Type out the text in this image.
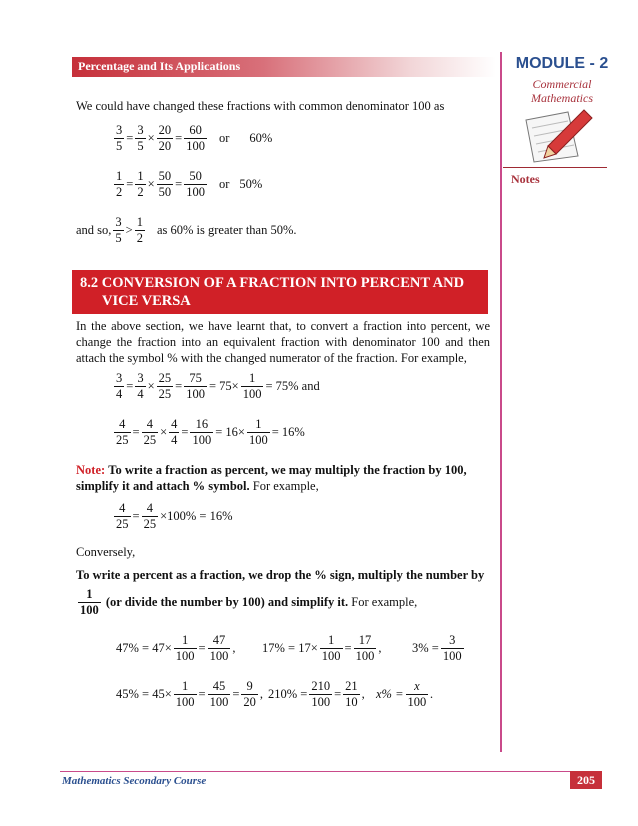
Percentage and Its Applications	MODULE - 2
Commercial
Mathematics
Notes
We could have changed these fractions with common denominator 100 as
$\frac{3}{5} = \frac{3}{5} \times \frac{20}{20} = \frac{60}{100}$ or 60%
$\frac{1}{2} = \frac{1}{2} \times \frac{50}{50} = \frac{50}{100}$ or 50%
and so, $\frac{3}{5} > \frac{1}{2}$ as 60% is greater than 50%.
8.2 CONVERSION OF A FRACTION INTO PERCENT AND
VICE VERSA
In the above section, we have learnt that, to convert a fraction into percent, we change the fraction into an equivalent fraction with denominator 100 and then attach the symbol % with the changed numerator of the fraction. For example,
$\frac{3}{4} = \frac{3}{4} \times \frac{25}{25} = \frac{75}{100} = 75 \times \frac{1}{100} = 75\%$
and
$\frac{4}{25} = \frac{4}{25} \times \frac{4}{4} = \frac{16}{100} = 16 \times \frac{1}{100} = 16\%$
Note: To write a fraction as percent, we may multiply the fraction by 100, simplify it and attach % symbol. For example,
$\frac{4}{25} = \frac{4}{25} \times 100\% = 16\%$
Conversely,
To write a percent as a fraction, we drop the % sign, multiply the number by
$\frac{1}{100}$
(or divide the number by 100) and simplify it.
For example,
$47\% = 47 \times \frac{1}{100} = \frac{47}{100}$ , $17\% = 17 \times \frac{1}{100} = \frac{17}{100}$ , $3\% = \frac{3}{100}$
$45\% = 45 \times \frac{1}{100} = \frac{45}{100} = \frac{9}{20}$ , $210\% = \frac{210}{100} = \frac{21}{10}$ , $x\% = \frac{x}{100}$ .
Mathematics Secondary Course	205
